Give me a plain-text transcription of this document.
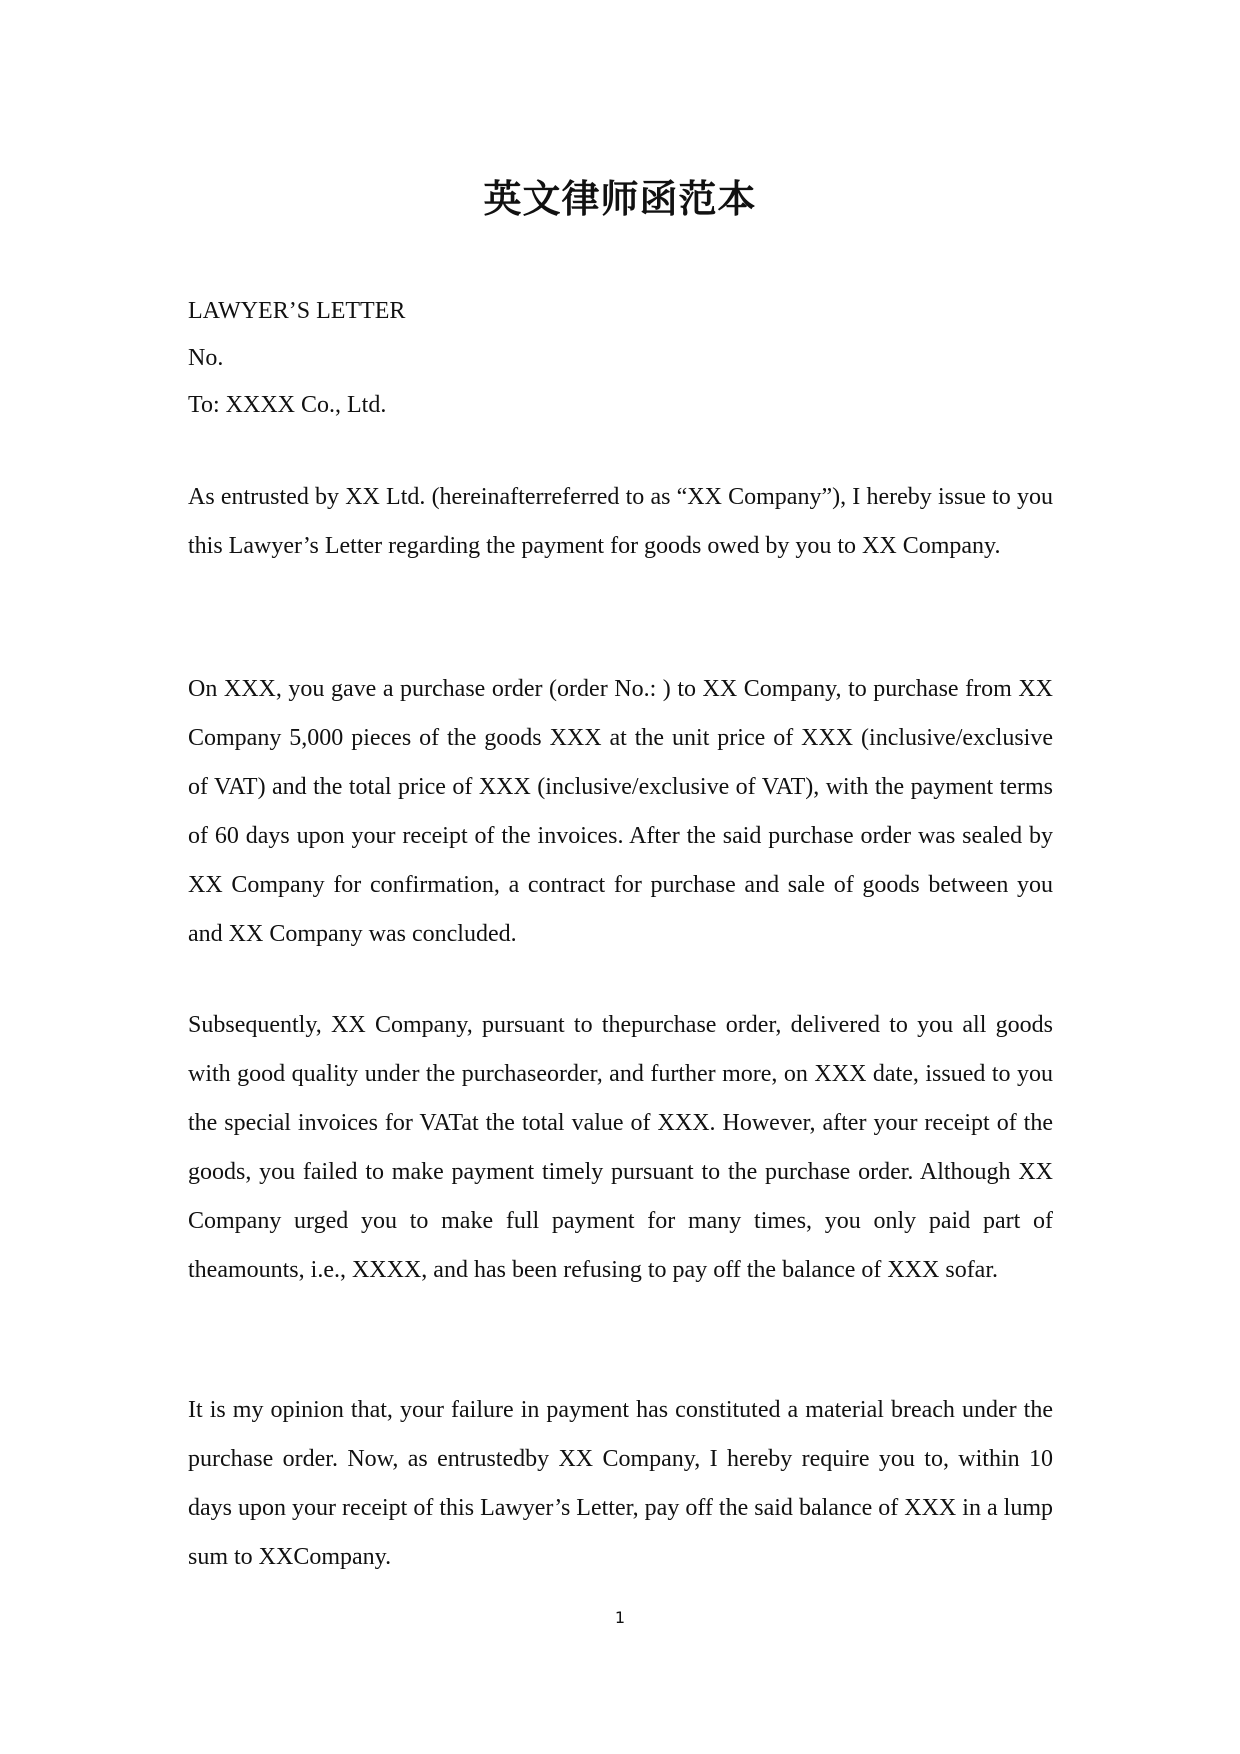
英文律师函范本

LAWYER’S LETTER

No.

To: XXXX Co., Ltd.

As entrusted by XX Ltd. (hereinafterreferred to as “XX Company”), I hereby issue to you this Lawyer’s Letter regarding the payment for goods owed by you to XX Company.

On XXX, you gave a purchase order (order No.: ) to XX Company, to purchase from XX Company 5,000 pieces of the goods XXX at the unit price of XXX (inclusive/exclusive of VAT) and the total price of XXX (inclusive/exclusive of VAT), with the payment terms of 60 days upon your receipt of the invoices. After the said purchase order was sealed by XX Company for confirmation, a contract for purchase and sale of goods between you and XX Company was concluded.

Subsequently, XX Company, pursuant to thepurchase order, delivered to you all goods with good quality under the purchaseorder, and further more, on XXX date, issued to you the special invoices for VATat the total value of XXX. However, after your receipt of the goods, you failed to make payment timely pursuant to the purchase order. Although XX Company urged you to make full payment for many times, you only paid part of theamounts, i.e., XXXX, and has been refusing to pay off the balance of XXX sofar.

It is my opinion that, your failure in payment has constituted a material breach under the purchase order. Now, as entrustedby XX Company, I hereby require you to, within 10 days upon your receipt of this Lawyer’s Letter, pay off the said balance of XXX in a lump sum to XXCompany.

1
